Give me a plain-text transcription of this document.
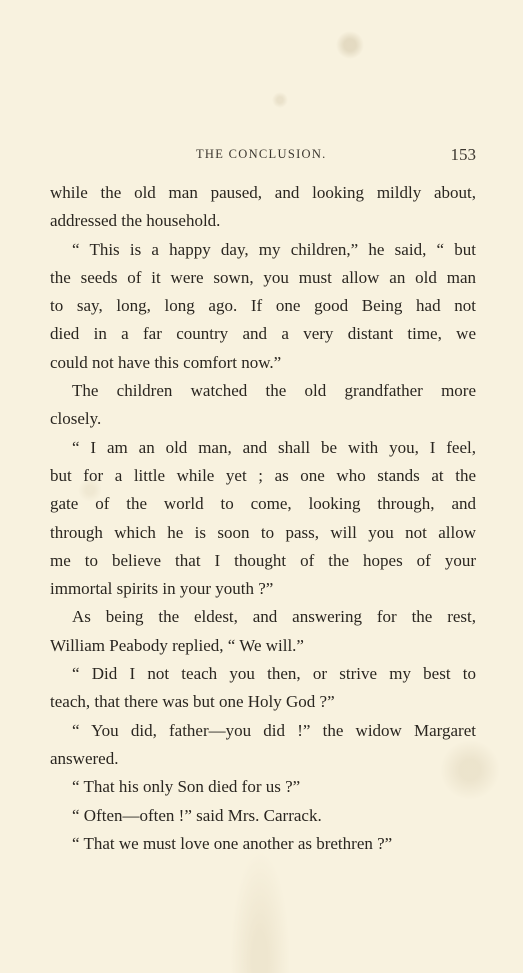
THE CONCLUSION.	153
while the old man paused, and looking mildly about,
addressed the household.
“ This is a happy day, my children,” he said, “ but
the seeds of it were sown, you must allow an old man
to say, long, long ago. If one good Being had not
died in a far country and a very distant time, we
could not have this comfort now.”
The children watched the old grandfather more
closely.
“ I am an old man, and shall be with you, I feel,
but for a little while yet ; as one who stands at the
gate of the world to come, looking through, and
through which he is soon to pass, will you not allow
me to believe that I thought of the hopes of your
immortal spirits in your youth ?”
As being the eldest, and answering for the rest,
William Peabody replied, “ We will.”
“ Did I not teach you then, or strive my best to
teach, that there was but one Holy God ?”
“ You did, father—you did !” the widow Margaret
answered.
“ That his only Son died for us ?”
“ Often—often !” said Mrs. Carrack.
“ That we must love one another as brethren ?”
